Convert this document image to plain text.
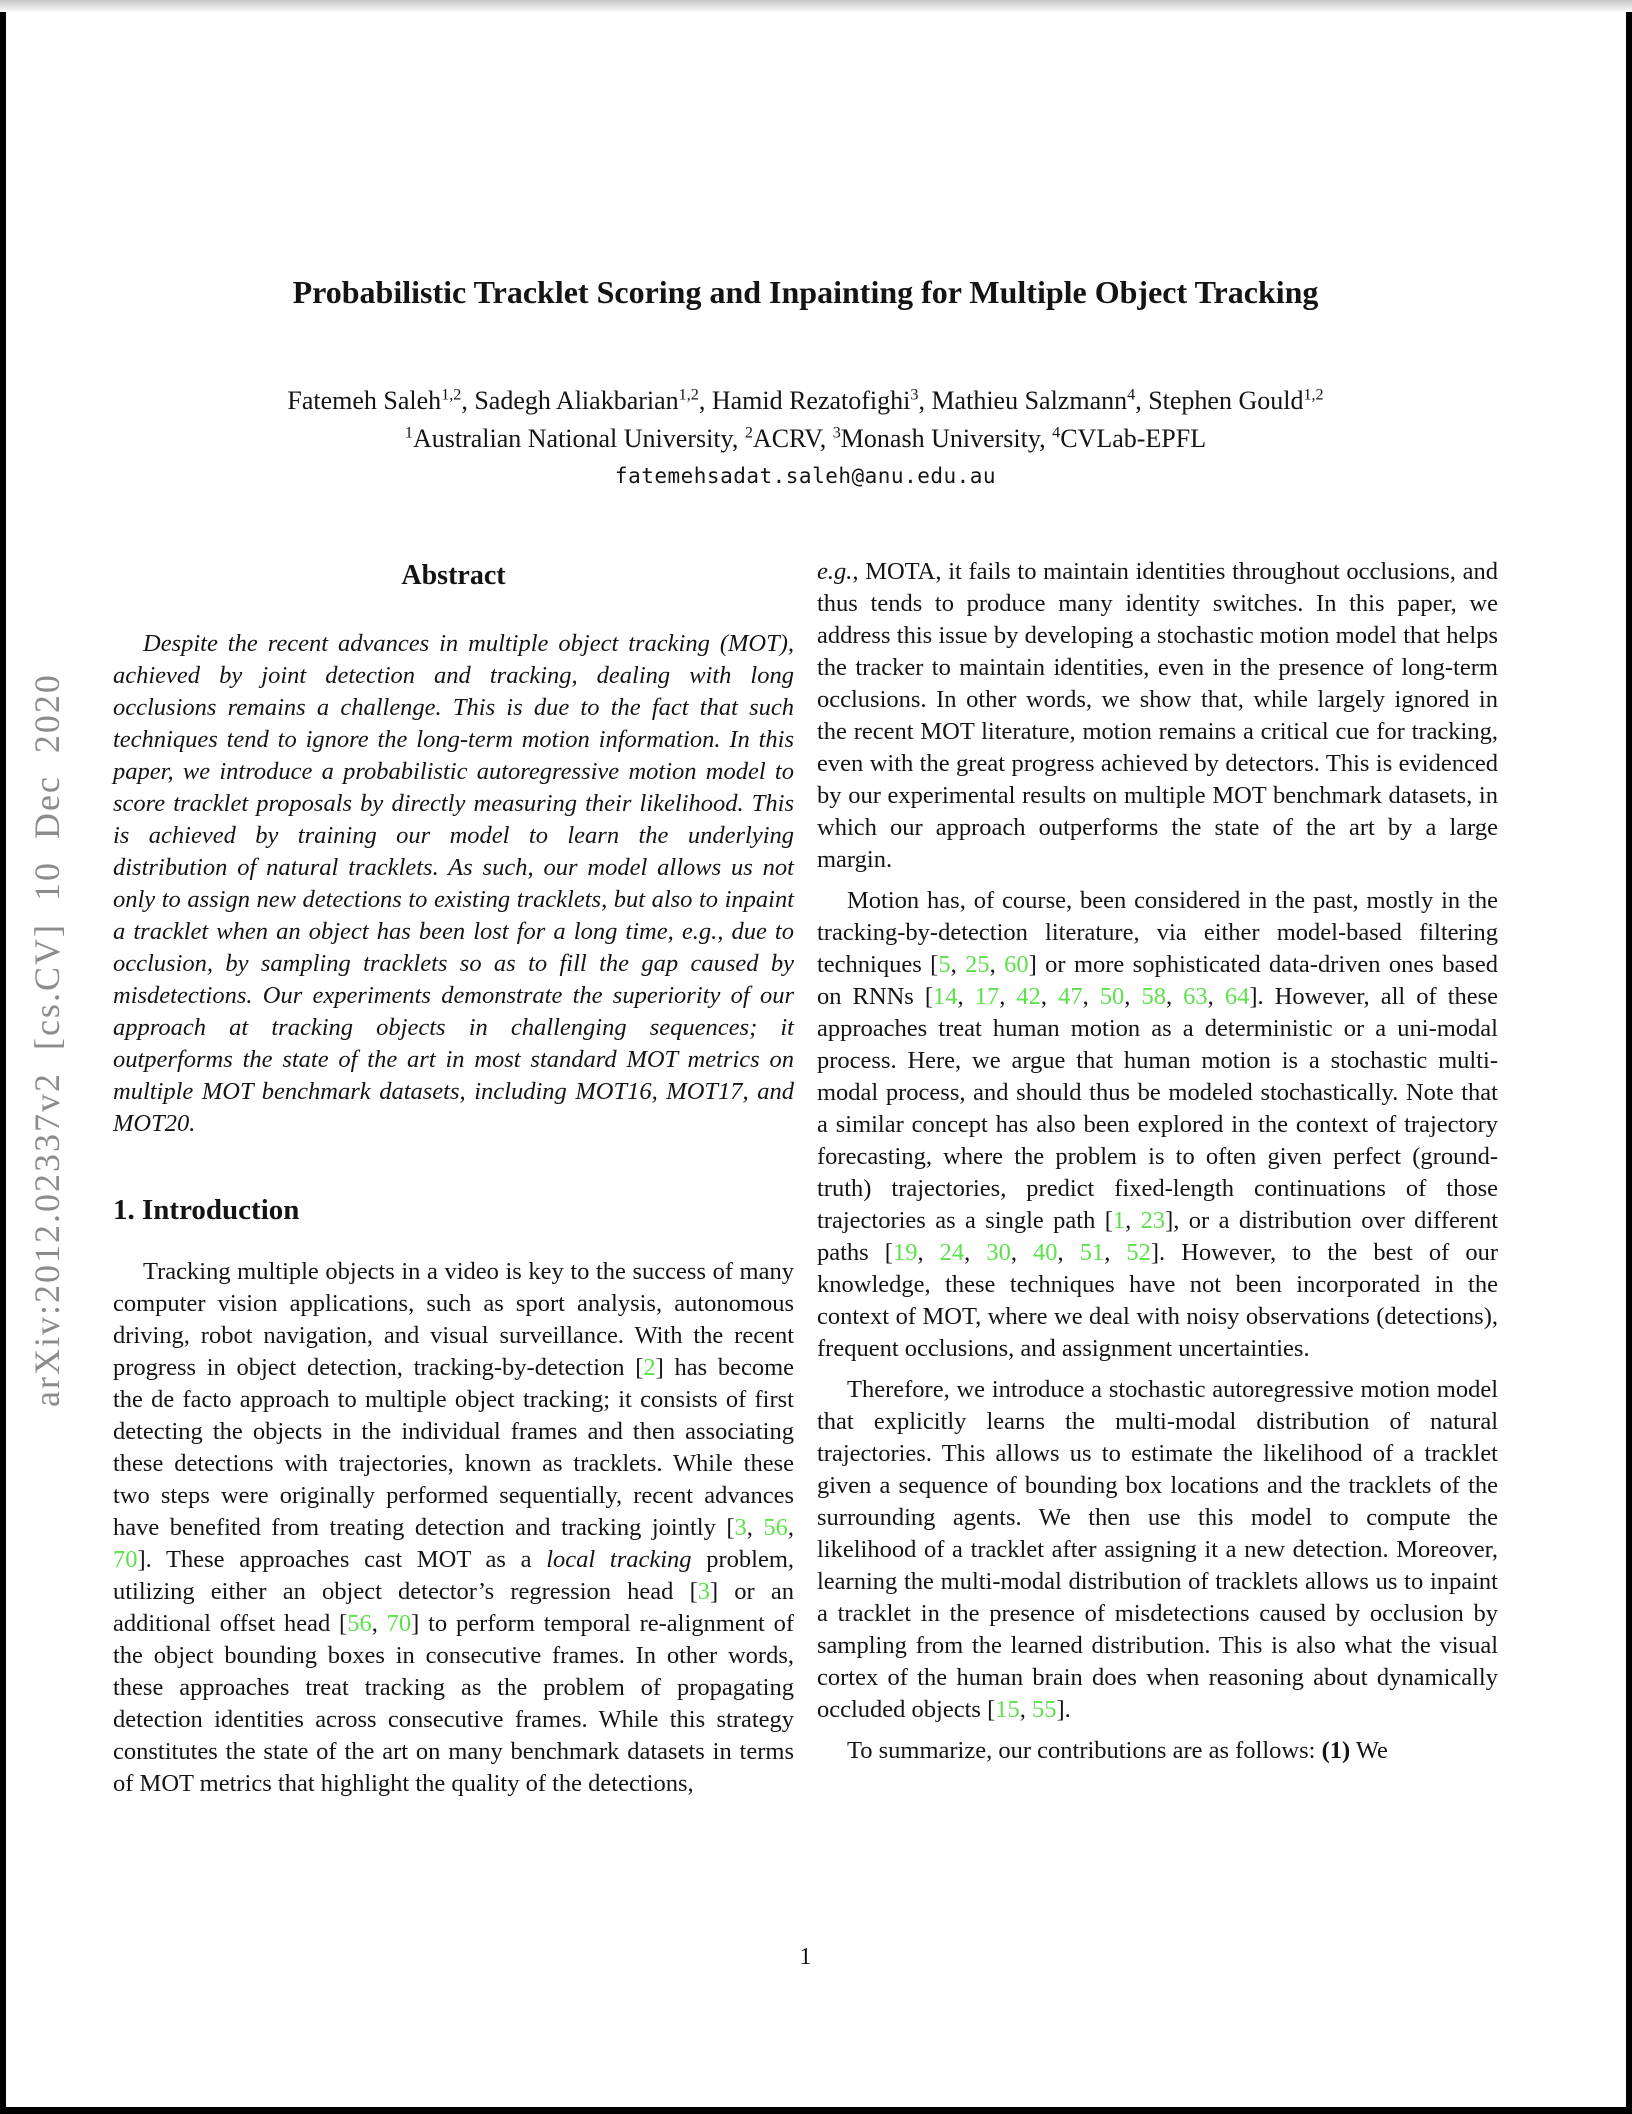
arXiv:2012.02337v2 [cs.CV] 10 Dec 2020
Probabilistic Tracklet Scoring and Inpainting for Multiple Object Tracking
Fatemeh Saleh$^{1,2}$, Sadegh Aliakbarian$^{1,2}$, Hamid Rezatofighi$^3$, Mathieu Salzmann$^4$, Stephen Gould$^{1,2}$
$^1$Australian National University, $^2$ACRV, $^3$Monash University, $^4$CVLab-EPFL
fatemehsadat.saleh@anu.edu.au
Abstract

Despite the recent advances in multiple object tracking (MOT), achieved by joint detection and tracking, dealing with long occlusions remains a challenge. This is due to the fact that such techniques tend to ignore the long-term motion information. In this paper, we introduce a probabilistic autoregressive motion model to score tracklet proposals by directly measuring their likelihood. This is achieved by training our model to learn the underlying distribution of natural tracklets. As such, our model allows us not only to assign new detections to existing tracklets, but also to inpaint a tracklet when an object has been lost for a long time, e.g., due to occlusion, by sampling tracklets so as to fill the gap caused by misdetections. Our experiments demonstrate the superiority of our approach at tracking objects in challenging sequences; it outperforms the state of the art in most standard MOT metrics on multiple MOT benchmark datasets, including MOT16, MOT17, and MOT20.

1. Introduction

Tracking multiple objects in a video is key to the success of many computer vision applications, such as sport analysis, autonomous driving, robot navigation, and visual surveillance. With the recent progress in object detection, tracking-by-detection [2] has become the de facto approach to multiple object tracking; it consists of first detecting the objects in the individual frames and then associating these detections with trajectories, known as tracklets. While these two steps were originally performed sequentially, recent advances have benefited from treating detection and tracking jointly [3, 56, 70]. These approaches cast MOT as a local tracking problem, utilizing either an object detector’s regression head [3] or an additional offset head [56, 70] to perform temporal re-alignment of the object bounding boxes in consecutive frames. In other words, these approaches treat tracking as the problem of propagating detection identities across consecutive frames. While this strategy constitutes the state of the art on many benchmark datasets in terms of MOT metrics that highlight the quality of the detections,

e.g., MOTA, it fails to maintain identities throughout occlusions, and thus tends to produce many identity switches. In this paper, we address this issue by developing a stochastic motion model that helps the tracker to maintain identities, even in the presence of long-term occlusions. In other words, we show that, while largely ignored in the recent MOT literature, motion remains a critical cue for tracking, even with the great progress achieved by detectors. This is evidenced by our experimental results on multiple MOT benchmark datasets, in which our approach outperforms the state of the art by a large margin.

Motion has, of course, been considered in the past, mostly in the tracking-by-detection literature, via either model-based filtering techniques [5, 25, 60] or more sophisticated data-driven ones based on RNNs [14, 17, 42, 47, 50, 58, 63, 64]. However, all of these approaches treat human motion as a deterministic or a uni-modal process. Here, we argue that human motion is a stochastic multi-modal process, and should thus be modeled stochastically. Note that a similar concept has also been explored in the context of trajectory forecasting, where the problem is to often given perfect (ground-truth) trajectories, predict fixed-length continuations of those trajectories as a single path [1, 23], or a distribution over different paths [19, 24, 30, 40, 51, 52]. However, to the best of our knowledge, these techniques have not been incorporated in the context of MOT, where we deal with noisy observations (detections), frequent occlusions, and assignment uncertainties.

Therefore, we introduce a stochastic autoregressive motion model that explicitly learns the multi-modal distribution of natural trajectories. This allows us to estimate the likelihood of a tracklet given a sequence of bounding box locations and the tracklets of the surrounding agents. We then use this model to compute the likelihood of a tracklet after assigning it a new detection. Moreover, learning the multi-modal distribution of tracklets allows us to inpaint a tracklet in the presence of misdetections caused by occlusion by sampling from the learned distribution. This is also what the visual cortex of the human brain does when reasoning about dynamically occluded objects [15, 55].

To summarize, our contributions are as follows: (1) We

1
